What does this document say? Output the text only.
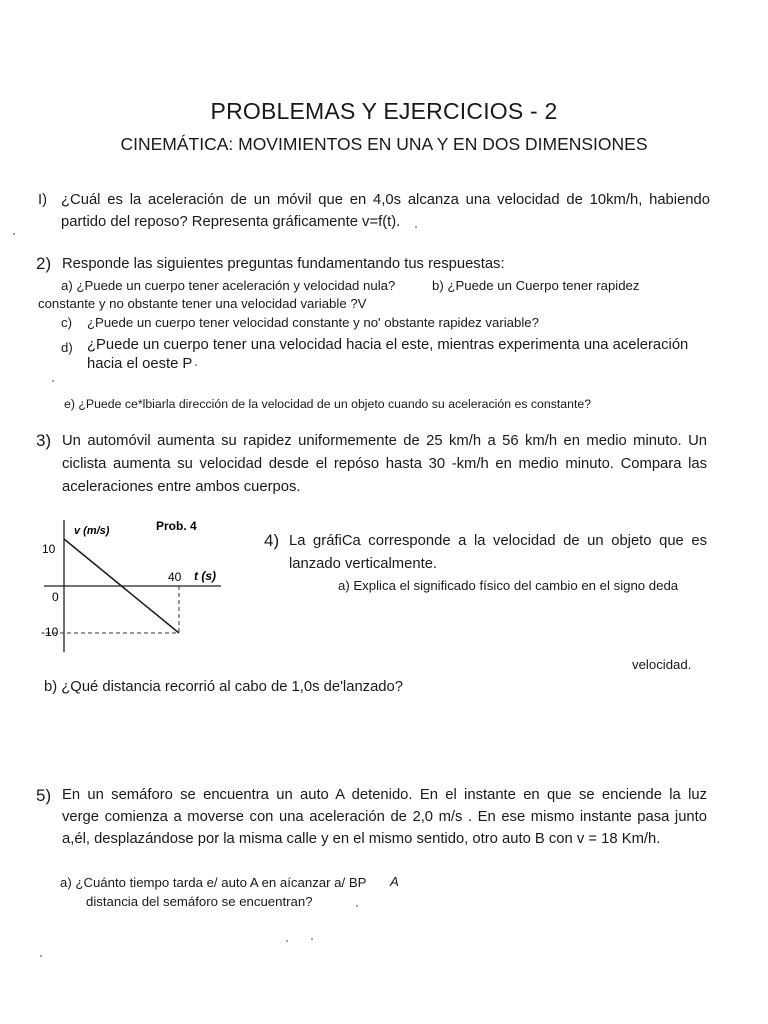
PROBLEMAS Y EJERCICIOS - 2
CINEMÁTICA: MOVIMIENTOS EN UNA Y EN DOS DIMENSIONES
I) ¿Cuál es la aceleración de un móvil que en 4,0s alcanza una velocidad de 10km/h, habiendo
partido del reposo? Representa gráficamente v=f(t).
2) Responde las siguientes preguntas fundamentando tus respuestas:
a) ¿Puede un cuerpo tener aceleración y velocidad nula?	b) ¿Puede un Cuerpo tener rapidez
constante y no obstante tener una velocidad variable ?V
c) ¿Puede un cuerpo tener velocidad constante y no' obstante rapidez variable?
d) ¿Puede un cuerpo tener una velocidad hacia el este, mientras experimenta una aceleración
hacia el oeste P
e) ¿Puede ce*lbiarla dirección de la velocidad de un objeto cuando su aceleración es constante?
3) Un automóvil aumenta su rapidez uniformemente de 25 km/h a 56 km/h en medio minuto. Un
ciclista aumenta su velocidad desde el repóso hasta 30 -km/h en medio minuto. Compara las
aceleraciones entre ambos cuerpos.
v (m/s)	Prob. 4
10
40 t (s)
0
-10
4) La gráfiCa corresponde a la velocidad de un objeto que es
lanzado verticalmente.
a) Explica el significado físico del cambio en el signo deda
velocidad.
b) ¿Qué distancia recorrió al cabo de 1,0s de'lanzado?
5) En un semáforo se encuentra un auto A detenido. En el instante en que se enciende la luz
verge comienza a moverse con una aceleración de 2,0 m/s . En ese mismo instante pasa junto
a,él, desplazándose por la misma calle y en el mismo sentido, otro auto B con v = 18 Km/h.
a) ¿Cuánto tiempo tarda e/ auto A en aícanzar a/ BP A
distancia del semáforo se encuentran?
